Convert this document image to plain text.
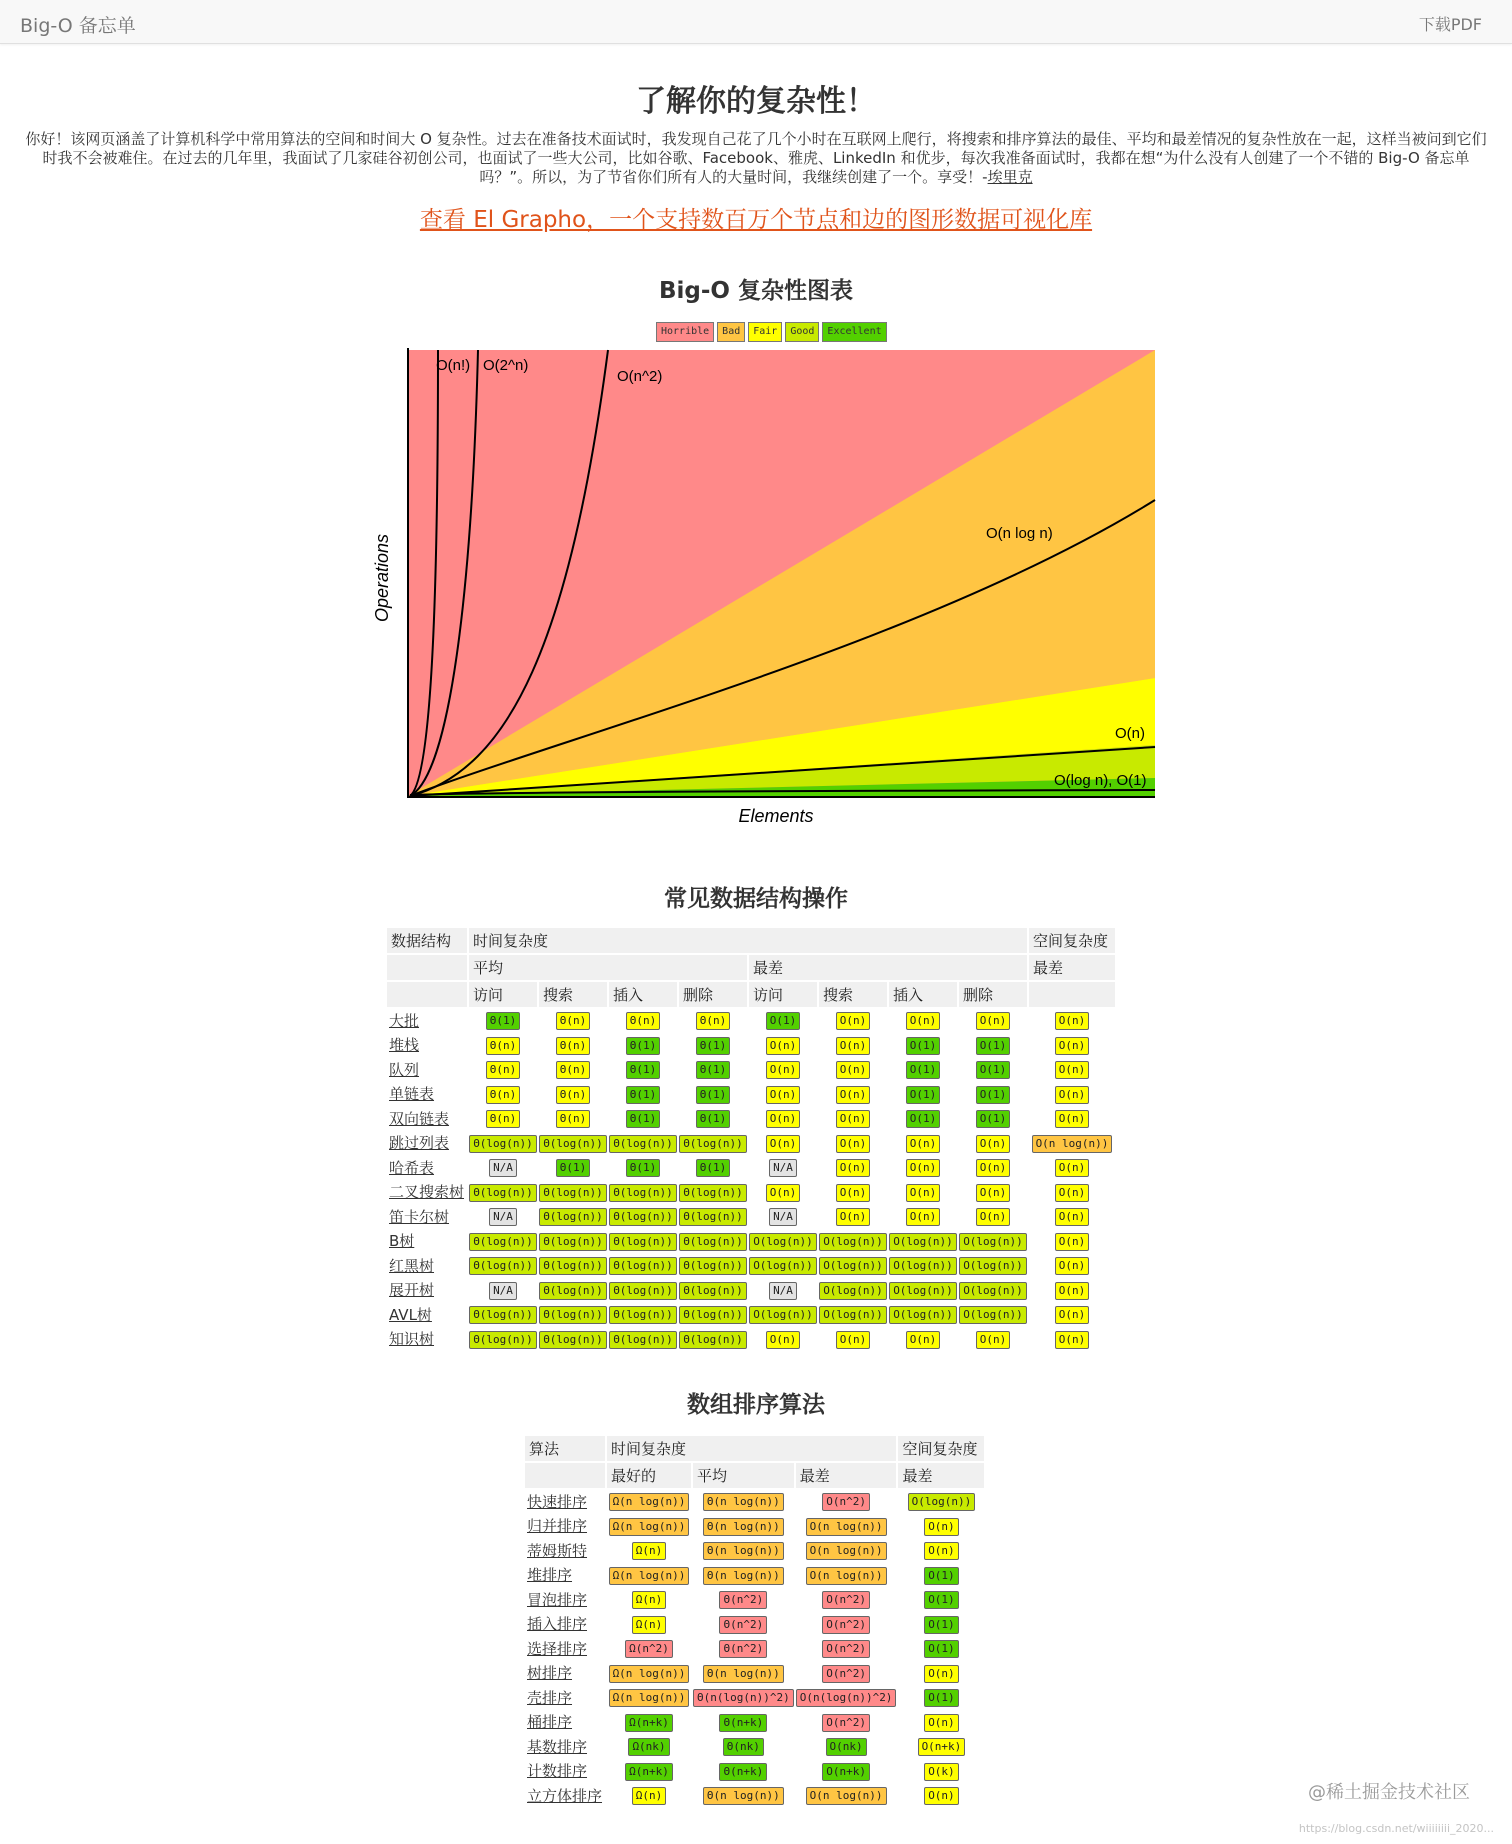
Big-O 备忘单	下载PDF
了解你的复杂性！
你好！该网页涵盖了计算机科学中常用算法的空间和时间大 O 复杂性。过去在准备技术面试时，我发现自己花了几个小时在互联网上爬行，将搜索和排序算法的最佳、平均和最差情况的复杂性放在一起，这样当被问到它们时我不会被难住。在过去的几年里，我面试了几家硅谷初创公司，也面试了一些大公司，比如谷歌、Facebook、雅虎、LinkedIn 和优步，每次我准备面试时，我都在想“为什么没有人创建了一个不错的 Big-O 备忘单吗？”。所以，为了节省你们所有人的大量时间，我继续创建了一个。享受！-埃里克
查看 El Grapho，一个支持数百万个节点和边的图形数据可视化库
Big-O 复杂性图表
Horrible	Bad	Fair	Good	Excellent
O(n!) O(2^n)
O(n^2)
O(n log n)
O(n)
O(log n), O(1)
Elements
Operations
常见数据结构操作
数据结构	时间复杂度								空间复杂度
	平均				最差				最差
	访问	搜索	插入	删除	访问	搜索	插入	删除	
大批	Θ(1)	Θ(n)	Θ(n)	Θ(n)	O(1)	O(n)	O(n)	O(n)	O(n)
堆栈	Θ(n)	Θ(n)	Θ(1)	Θ(1)	O(n)	O(n)	O(1)	O(1)	O(n)
队列	Θ(n)	Θ(n)	Θ(1)	Θ(1)	O(n)	O(n)	O(1)	O(1)	O(n)
单链表	Θ(n)	Θ(n)	Θ(1)	Θ(1)	O(n)	O(n)	O(1)	O(1)	O(n)
双向链表	Θ(n)	Θ(n)	Θ(1)	Θ(1)	O(n)	O(n)	O(1)	O(1)	O(n)
跳过列表	Θ(log(n))	Θ(log(n))	Θ(log(n))	Θ(log(n))	O(n)	O(n)	O(n)	O(n)	O(n log(n))
哈希表	N/A	Θ(1)	Θ(1)	Θ(1)	N/A	O(n)	O(n)	O(n)	O(n)
二叉搜索树	Θ(log(n))	Θ(log(n))	Θ(log(n))	Θ(log(n))	O(n)	O(n)	O(n)	O(n)	O(n)
笛卡尔树	N/A	Θ(log(n))	Θ(log(n))	Θ(log(n))	N/A	O(n)	O(n)	O(n)	O(n)
B树	Θ(log(n))	Θ(log(n))	Θ(log(n))	Θ(log(n))	O(log(n))	O(log(n))	O(log(n))	O(log(n))	O(n)
红黑树	Θ(log(n))	Θ(log(n))	Θ(log(n))	Θ(log(n))	O(log(n))	O(log(n))	O(log(n))	O(log(n))	O(n)
展开树	N/A	Θ(log(n))	Θ(log(n))	Θ(log(n))	N/A	O(log(n))	O(log(n))	O(log(n))	O(n)
AVL树	Θ(log(n))	Θ(log(n))	Θ(log(n))	Θ(log(n))	O(log(n))	O(log(n))	O(log(n))	O(log(n))	O(n)
知识树	Θ(log(n))	Θ(log(n))	Θ(log(n))	Θ(log(n))	O(n)	O(n)	O(n)	O(n)	O(n)
数组排序算法
算法	时间复杂度			空间复杂度
	最好的	平均	最差	最差
快速排序	Ω(n log(n))	Θ(n log(n))	O(n^2)	O(log(n))
归并排序	Ω(n log(n))	Θ(n log(n))	O(n log(n))	O(n)
蒂姆斯特	Ω(n)	Θ(n log(n))	O(n log(n))	O(n)
堆排序	Ω(n log(n))	Θ(n log(n))	O(n log(n))	O(1)
冒泡排序	Ω(n)	Θ(n^2)	O(n^2)	O(1)
插入排序	Ω(n)	Θ(n^2)	O(n^2)	O(1)
选择排序	Ω(n^2)	Θ(n^2)	O(n^2)	O(1)
树排序	Ω(n log(n))	Θ(n log(n))	O(n^2)	O(n)
壳排序	Ω(n log(n))	Θ(n(log(n))^2)	O(n(log(n))^2)	O(1)
桶排序	Ω(n+k)	Θ(n+k)	O(n^2)	O(n)
基数排序	Ω(nk)	Θ(nk)	O(nk)	O(n+k)
计数排序	Ω(n+k)	Θ(n+k)	O(n+k)	O(k)
立方体排序	Ω(n)	Θ(n log(n))	O(n log(n))	O(n)	@稀土掘金技术社区
https://blog.csdn.net/wiiiiiiii_2020...
